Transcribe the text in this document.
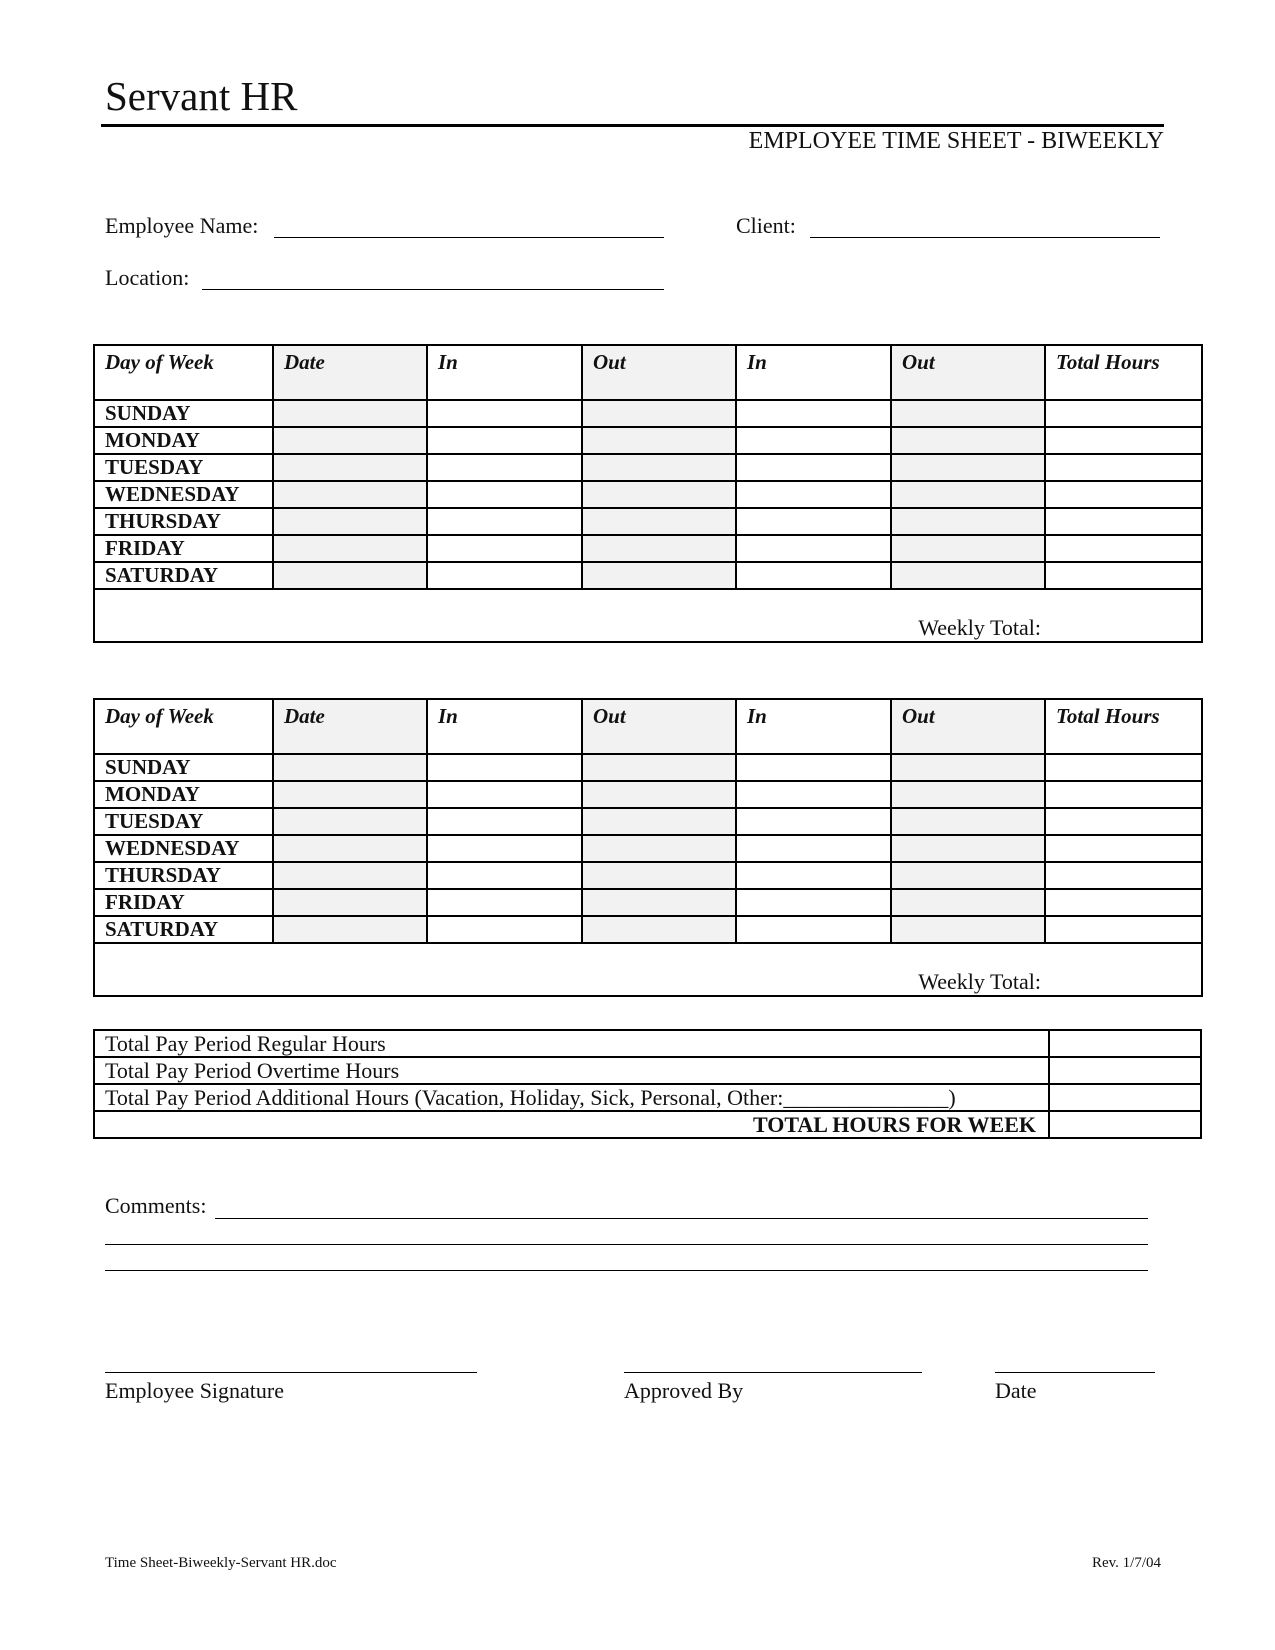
Servant HR
EMPLOYEE TIME SHEET - BIWEEKLY
Employee Name:	Client:
Location:
Day of Week	Date	In	Out	In	Out	Total Hours
SUNDAY						
MONDAY						
TUESDAY						
WEDNESDAY						
THURSDAY						
FRIDAY						
SATURDAY						
Weekly Total:						
Day of Week	Date	In	Out	In	Out	Total Hours
SUNDAY						
MONDAY						
TUESDAY						
WEDNESDAY						
THURSDAY						
FRIDAY						
SATURDAY						
Weekly Total:						
Total Pay Period Regular Hours	
Total Pay Period Overtime Hours	
Total Pay Period Additional Hours (Vacation, Holiday, Sick, Personal, Other:_______________)	
TOTAL HOURS FOR WEEK	
Comments:
Employee Signature	Approved By	Date
Time Sheet-Biweekly-Servant HR.doc	Rev. 1/7/04
